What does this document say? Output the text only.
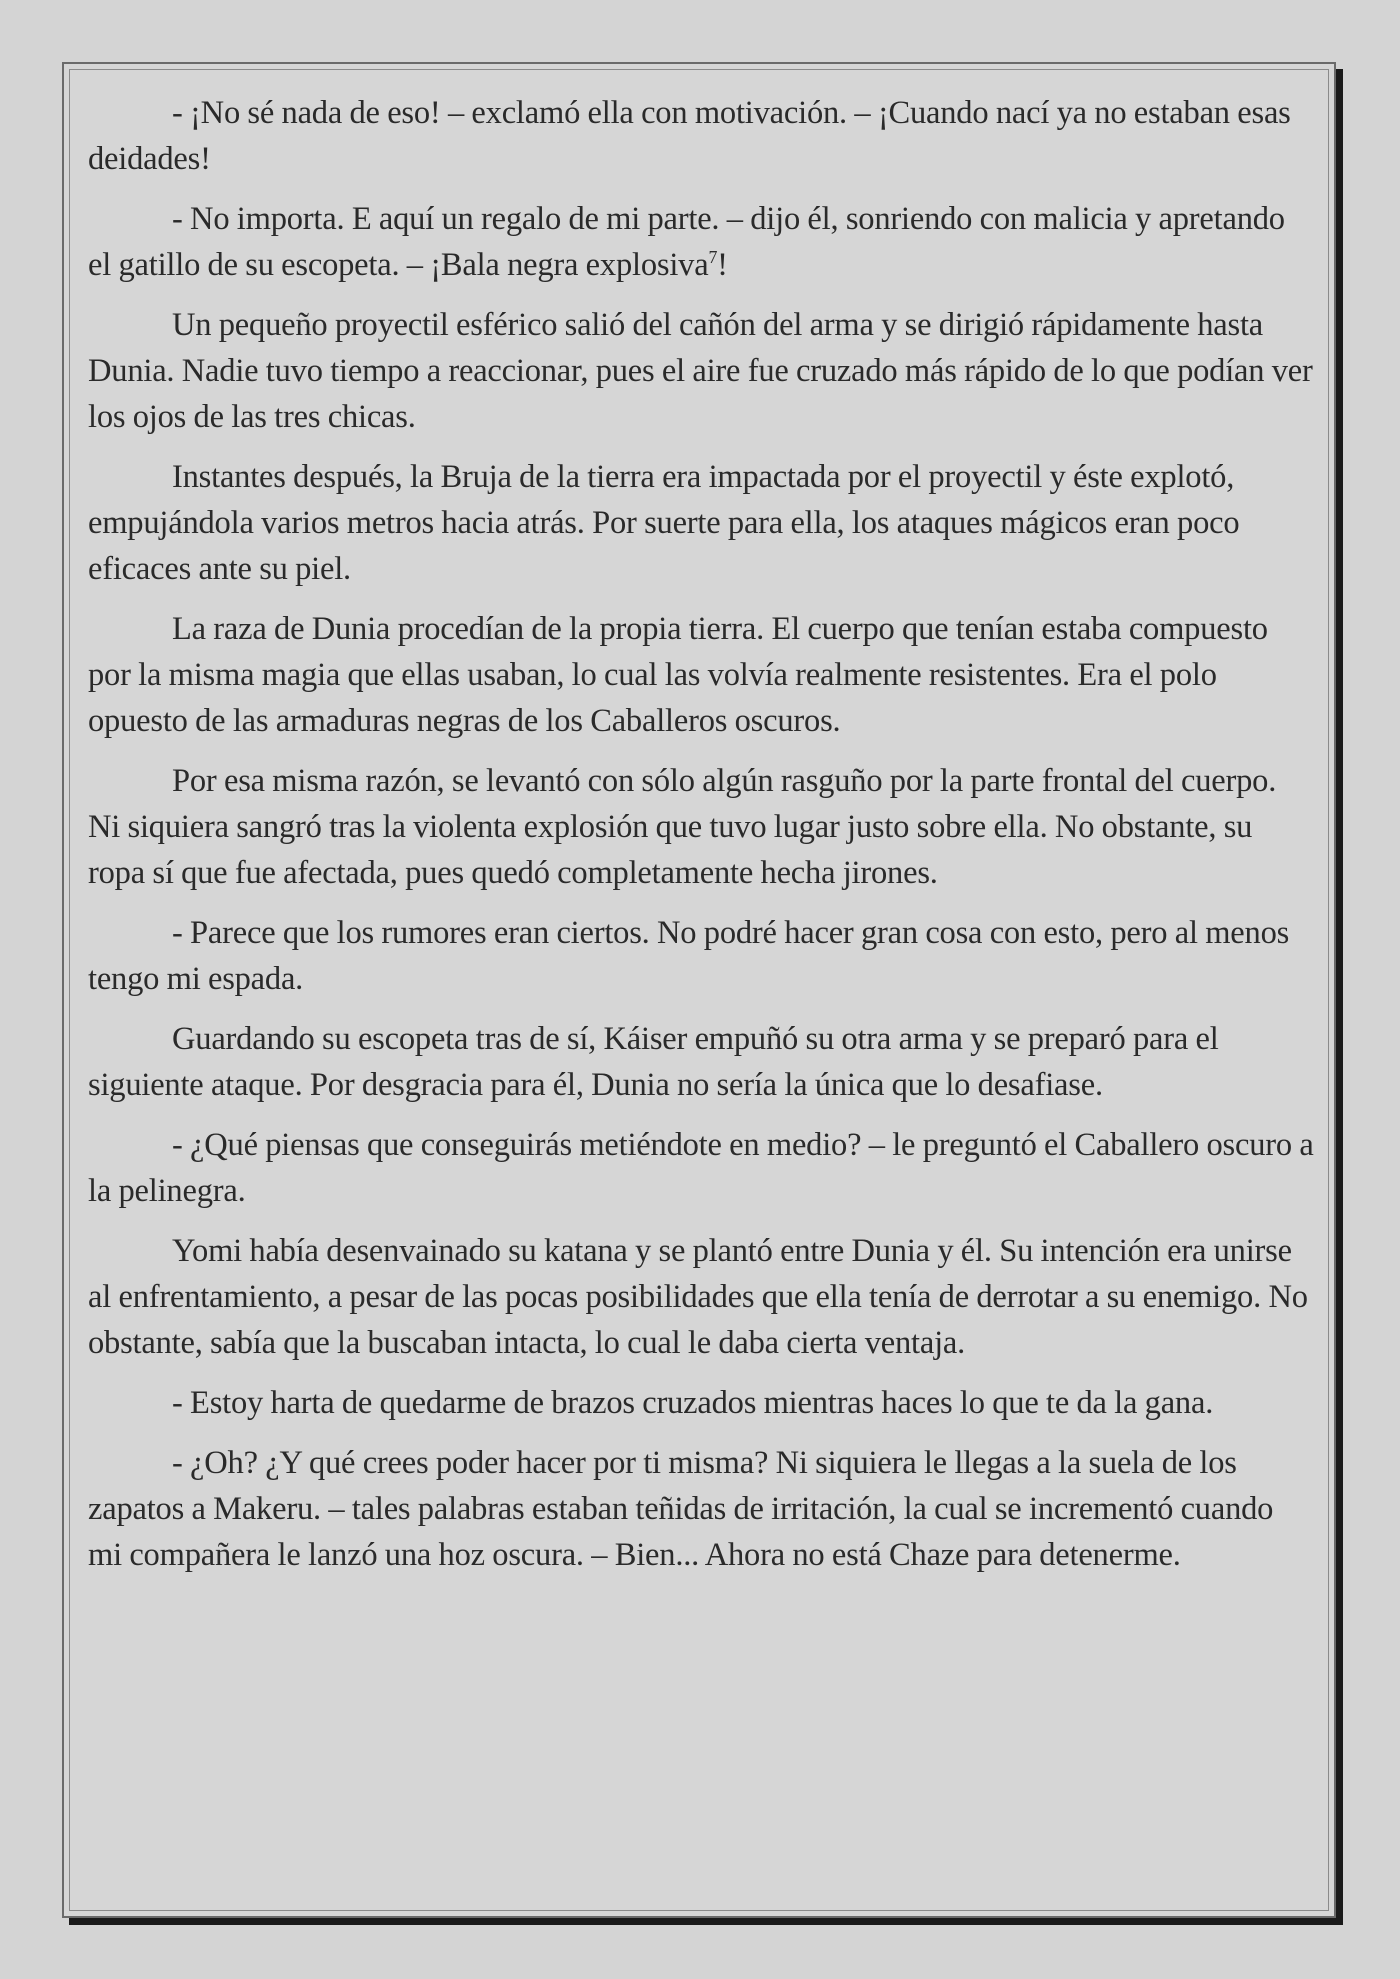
- ¡No sé nada de eso! – exclamó ella con motivación. – ¡Cuando nací ya no estaban esas deidades!

- No importa. E aquí un regalo de mi parte. – dijo él, sonriendo con malicia y apretando el gatillo de su escopeta. – ¡Bala negra explosiva$^7$!

Un pequeño proyectil esférico salió del cañón del arma y se dirigió rápidamente hasta Dunia. Nadie tuvo tiempo a reaccionar, pues el aire fue cruzado más rápido de lo que podían ver los ojos de las tres chicas.

Instantes después, la Bruja de la tierra era impactada por el proyectil y éste explotó, empujándola varios metros hacia atrás. Por suerte para ella, los ataques mágicos eran poco eficaces ante su piel.

La raza de Dunia procedían de la propia tierra. El cuerpo que tenían estaba compuesto por la misma magia que ellas usaban, lo cual las volvía realmente resistentes. Era el polo opuesto de las armaduras negras de los Caballeros oscuros.

Por esa misma razón, se levantó con sólo algún rasguño por la parte frontal del cuerpo. Ni siquiera sangró tras la violenta explosión que tuvo lugar justo sobre ella. No obstante, su ropa sí que fue afectada, pues quedó completamente hecha jirones.

- Parece que los rumores eran ciertos. No podré hacer gran cosa con esto, pero al menos tengo mi espada.

Guardando su escopeta tras de sí, Káiser empuñó su otra arma y se preparó para el siguiente ataque. Por desgracia para él, Dunia no sería la única que lo desafiase.

- ¿Qué piensas que conseguirás metiéndote en medio? – le preguntó el Caballero oscuro a la pelinegra.

Yomi había desenvainado su katana y se plantó entre Dunia y él. Su intención era unirse al enfrentamiento, a pesar de las pocas posibilidades que ella tenía de derrotar a su enemigo. No obstante, sabía que la buscaban intacta, lo cual le daba cierta ventaja.

- Estoy harta de quedarme de brazos cruzados mientras haces lo que te da la gana.

- ¿Oh? ¿Y qué crees poder hacer por ti misma? Ni siquiera le llegas a la suela de los zapatos a Makeru. – tales palabras estaban teñidas de irritación, la cual se incrementó cuando mi compañera le lanzó una hoz oscura. – Bien... Ahora no está Chaze para detenerme.
